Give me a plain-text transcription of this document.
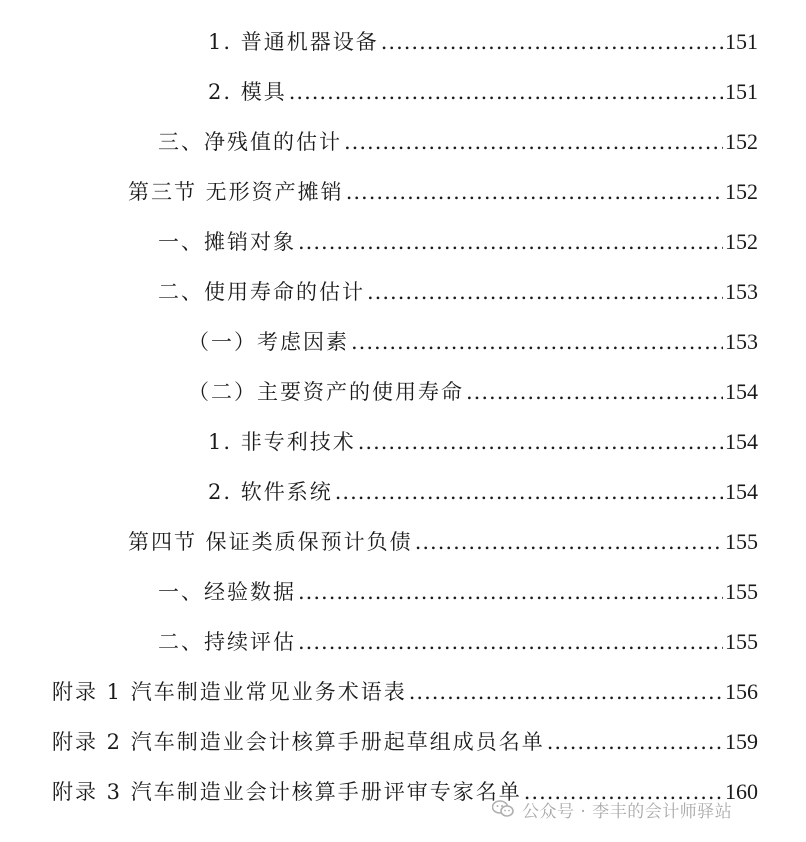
1. 普通机器设备 .....	151
2. 模具 .....	151
三、净残值的估计 .....	152
第三节 无形资产摊销 .....	152
一、摊销对象 .....	152
二、使用寿命的估计 .....	153
（一）考虑因素 .....	153
（二）主要资产的使用寿命 .....	154
1. 非专利技术 .....	154
2. 软件系统 .....	154
第四节 保证类质保预计负债 .....	155
一、经验数据 .....	155
二、持续评估 .....	155
附录 1 汽车制造业常见业务术语表 .....	156
附录 2 汽车制造业会计核算手册起草组成员名单 .....	159
附录 3 汽车制造业会计核算手册评审专家名单 .....	160
公众号 · 李丰的会计师驿站
